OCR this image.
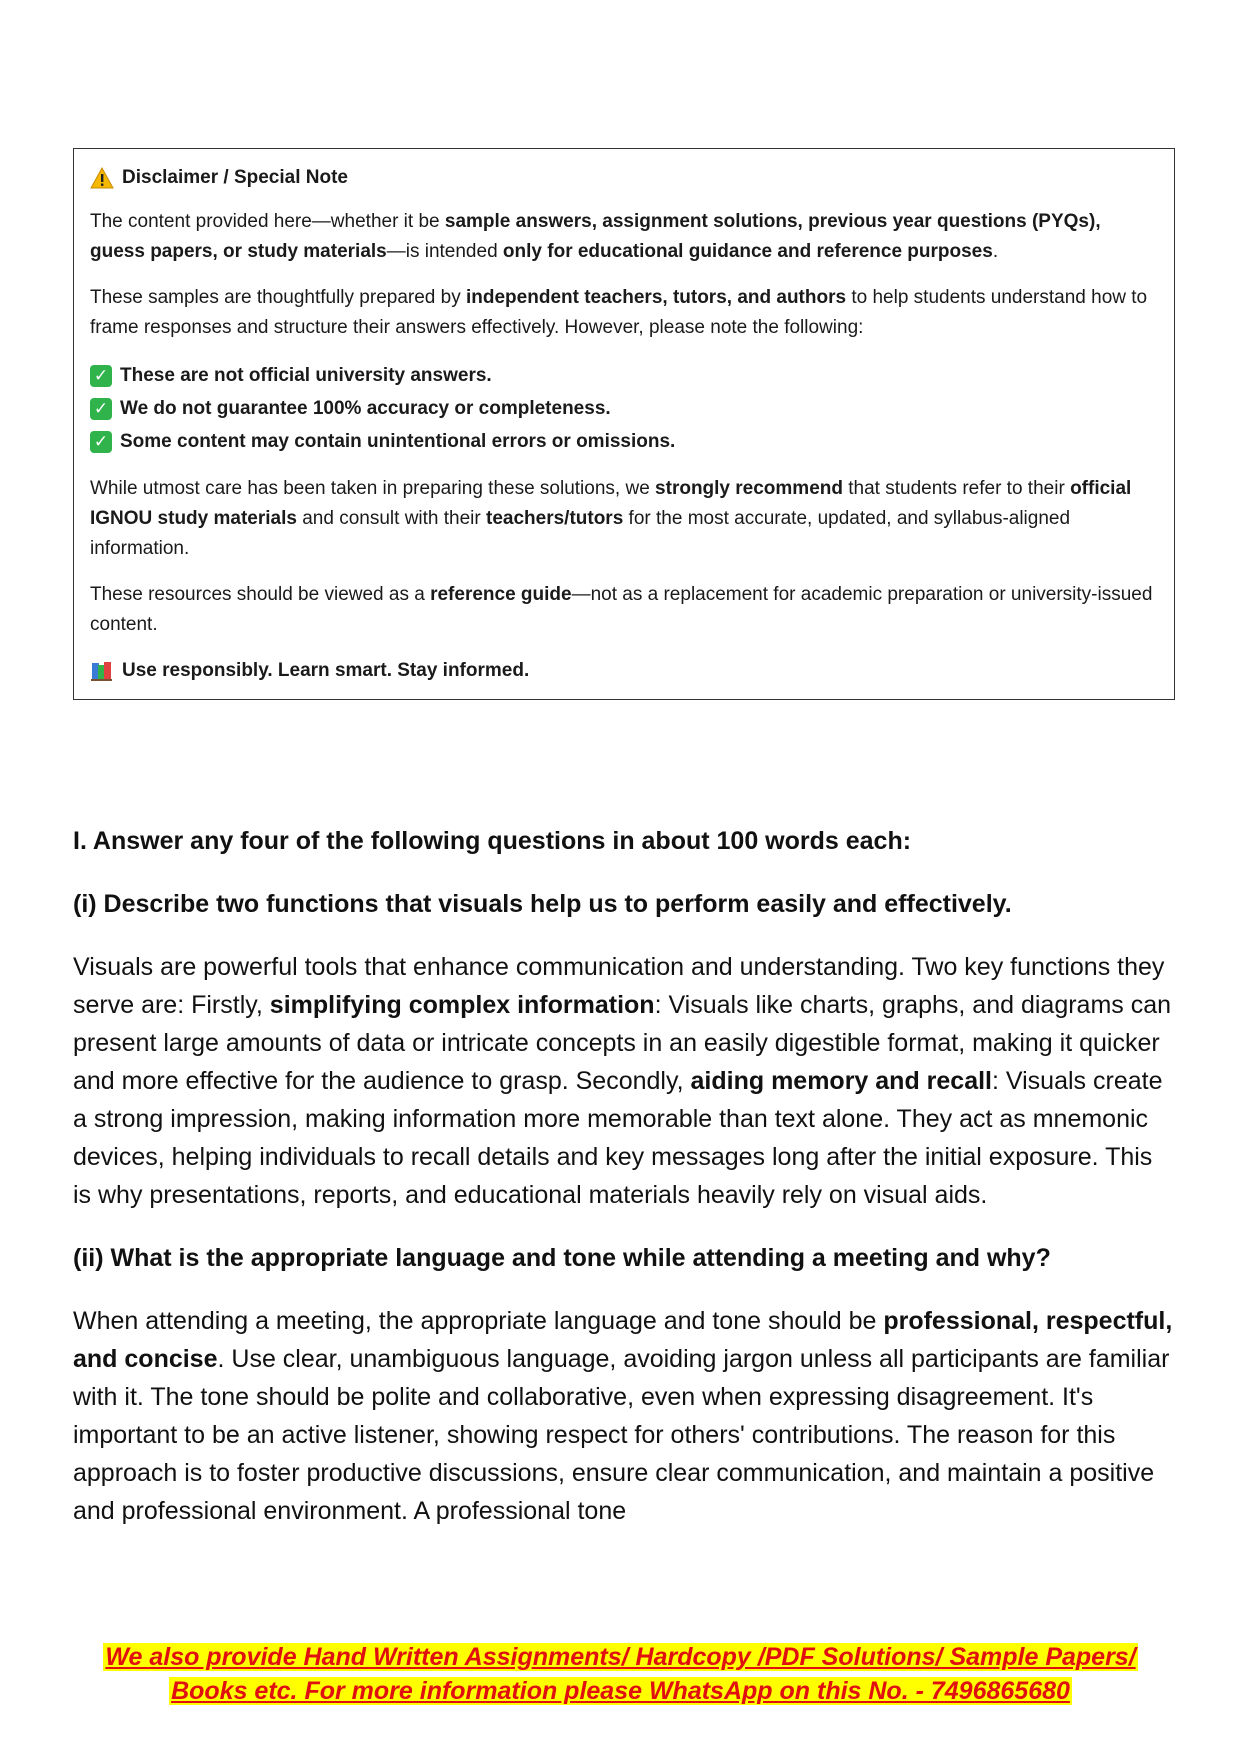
Disclaimer / Special Note

The content provided here—whether it be sample answers, assignment solutions, previous year questions (PYQs), guess papers, or study materials—is intended only for educational guidance and reference purposes.

These samples are thoughtfully prepared by independent teachers, tutors, and authors to help students understand how to frame responses and structure their answers effectively. However, please note the following:

✓ These are not official university answers.
✓ We do not guarantee 100% accuracy or completeness.
✓ Some content may contain unintentional errors or omissions.

While utmost care has been taken in preparing these solutions, we strongly recommend that students refer to their official IGNOU study materials and consult with their teachers/tutors for the most accurate, updated, and syllabus-aligned information.

These resources should be viewed as a reference guide—not as a replacement for academic preparation or university-issued content.

Use responsibly. Learn smart. Stay informed.

I. Answer any four of the following questions in about 100 words each:
(i) Describe two functions that visuals help us to perform easily and effectively.

Visuals are powerful tools that enhance communication and understanding. Two key functions they serve are: Firstly, simplifying complex information: Visuals like charts, graphs, and diagrams can present large amounts of data or intricate concepts in an easily digestible format, making it quicker and more effective for the audience to grasp. Secondly, aiding memory and recall: Visuals create a strong impression, making information more memorable than text alone. They act as mnemonic devices, helping individuals to recall details and key messages long after the initial exposure. This is why presentations, reports, and educational materials heavily rely on visual aids.

(ii) What is the appropriate language and tone while attending a meeting and why?

When attending a meeting, the appropriate language and tone should be professional, respectful, and concise. Use clear, unambiguous language, avoiding jargon unless all participants are familiar with it. The tone should be polite and collaborative, even when expressing disagreement. It's important to be an active listener, showing respect for others' contributions. The reason for this approach is to foster productive discussions, ensure clear communication, and maintain a positive and professional environment. A professional tone

We also provide Hand Written Assignments/ Hardcopy /PDF Solutions/ Sample Papers/
Books etc. For more information please WhatsApp on this No. - 7496865680
